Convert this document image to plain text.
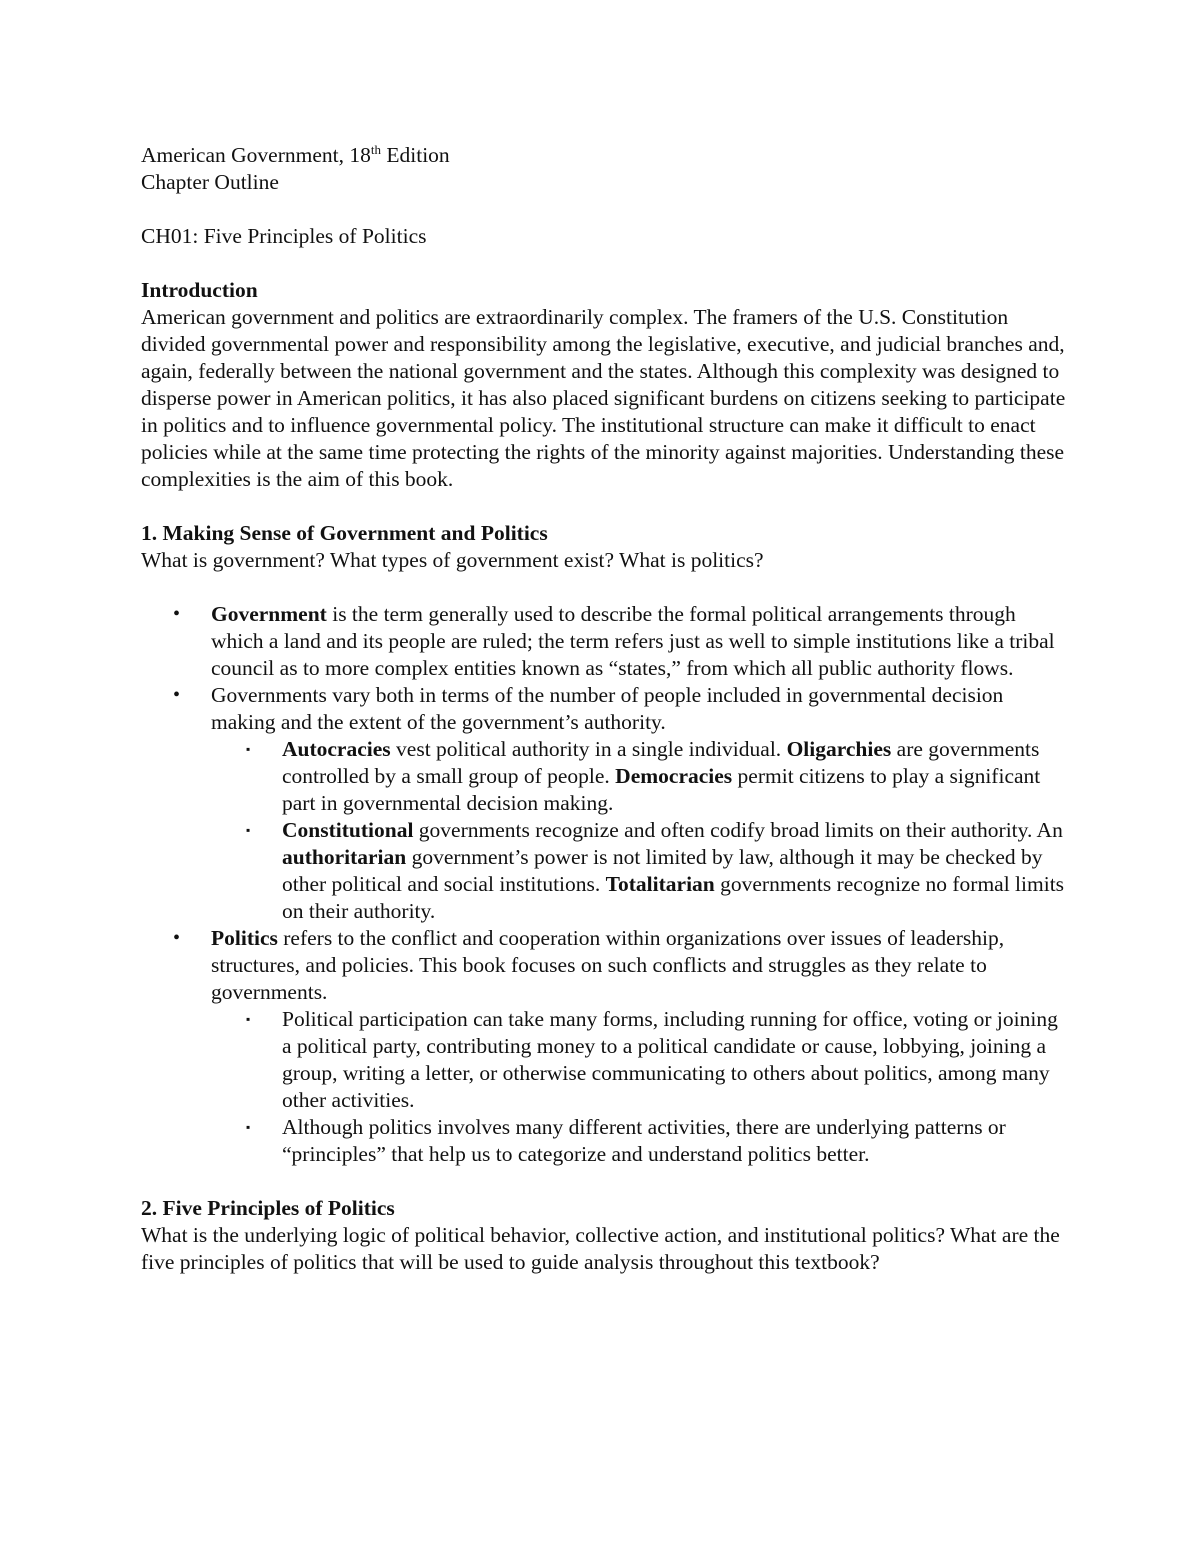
American Government, 18th Edition

Chapter Outline

CH01: Five Principles of Politics

Introduction

American government and politics are extraordinarily complex. The framers of the U.S. Constitution divided governmental power and responsibility among the legislative, executive, and judicial branches and, again, federally between the national government and the states. Although this complexity was designed to disperse power in American politics, it has also placed significant burdens on citizens seeking to participate in politics and to influence governmental policy. The institutional structure can make it difficult to enact policies while at the same time protecting the rights of the minority against majorities. Understanding these complexities is the aim of this book.

1. Making Sense of Government and Politics

What is government? What types of government exist? What is politics?

• Government is the term generally used to describe the formal political arrangements through which a land and its people are ruled; the term refers just as well to simple institutions like a tribal council as to more complex entities known as “states,” from which all public authority flows.
• Governments vary both in terms of the number of people included in governmental decision making and the extent of the government’s authority.
▪ Autocracies vest political authority in a single individual. Oligarchies are governments controlled by a small group of people. Democracies permit citizens to play a significant part in governmental decision making.
▪ Constitutional governments recognize and often codify broad limits on their authority. An authoritarian government’s power is not limited by law, although it may be checked by other political and social institutions. Totalitarian governments recognize no formal limits on their authority.
• Politics refers to the conflict and cooperation within organizations over issues of leadership, structures, and policies. This book focuses on such conflicts and struggles as they relate to governments.
▪ Political participation can take many forms, including running for office, voting or joining a political party, contributing money to a political candidate or cause, lobbying, joining a group, writing a letter, or otherwise communicating to others about politics, among many other activities.
▪ Although politics involves many different activities, there are underlying patterns or “principles” that help us to categorize and understand politics better.

2. Five Principles of Politics

What is the underlying logic of political behavior, collective action, and institutional politics? What are the five principles of politics that will be used to guide analysis throughout this textbook?
